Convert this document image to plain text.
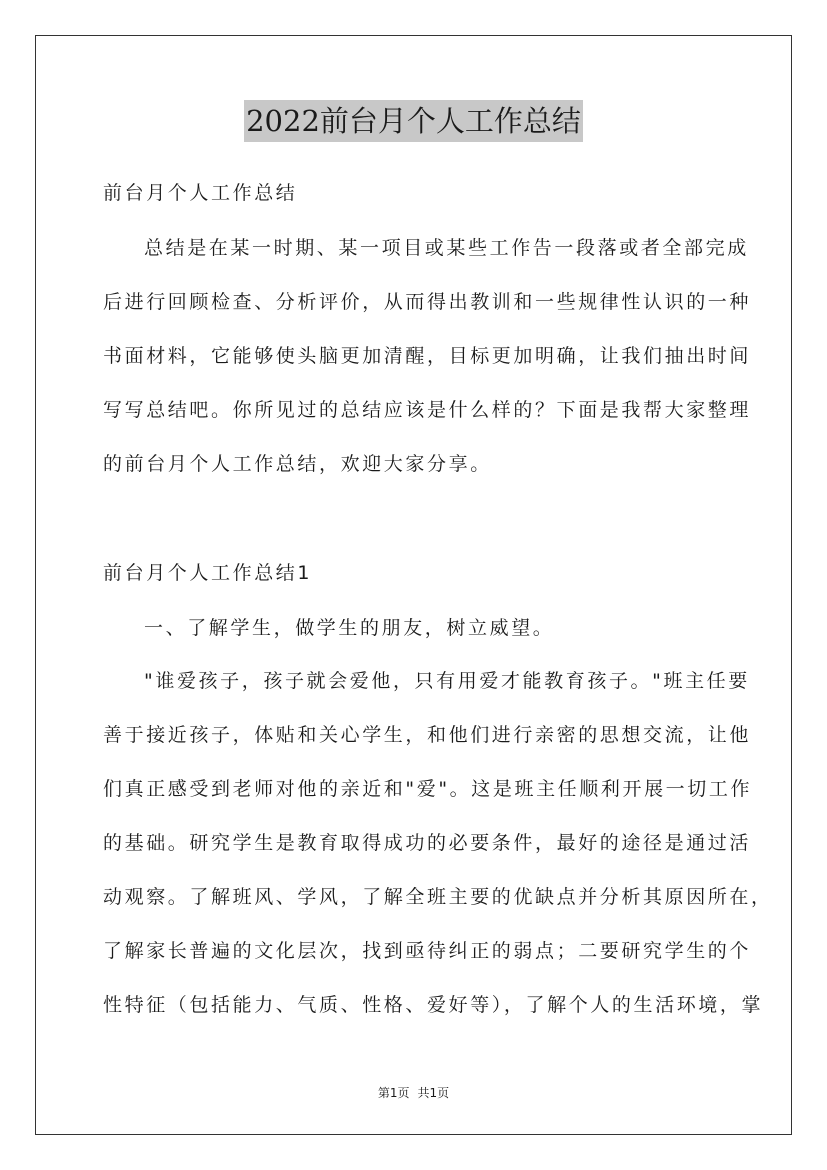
2022前台月个人工作总结
前台月个人工作总结
总结是在某一时期、某一项目或某些工作告一段落或者全部完成
后进行回顾检查、分析评价，从而得出教训和一些规律性认识的一种
书面材料，它能够使头脑更加清醒，目标更加明确，让我们抽出时间
写写总结吧。你所见过的总结应该是什么样的？下面是我帮大家整理
的前台月个人工作总结，欢迎大家分享。
前台月个人工作总结1
一、了解学生，做学生的朋友，树立威望。
"谁爱孩子，孩子就会爱他，只有用爱才能教育孩子。"班主任要
善于接近孩子，体贴和关心学生，和他们进行亲密的思想交流，让他
们真正感受到老师对他的亲近和"爱"。这是班主任顺利开展一切工作
的基础。研究学生是教育取得成功的必要条件，最好的途径是通过活
动观察。了解班风、学风，了解全班主要的优缺点并分析其原因所在，
了解家长普遍的文化层次，找到亟待纠正的弱点；二要研究学生的个
性特征（包括能力、气质、性格、爱好等），了解个人的生活环境，掌
第1页 共1页
